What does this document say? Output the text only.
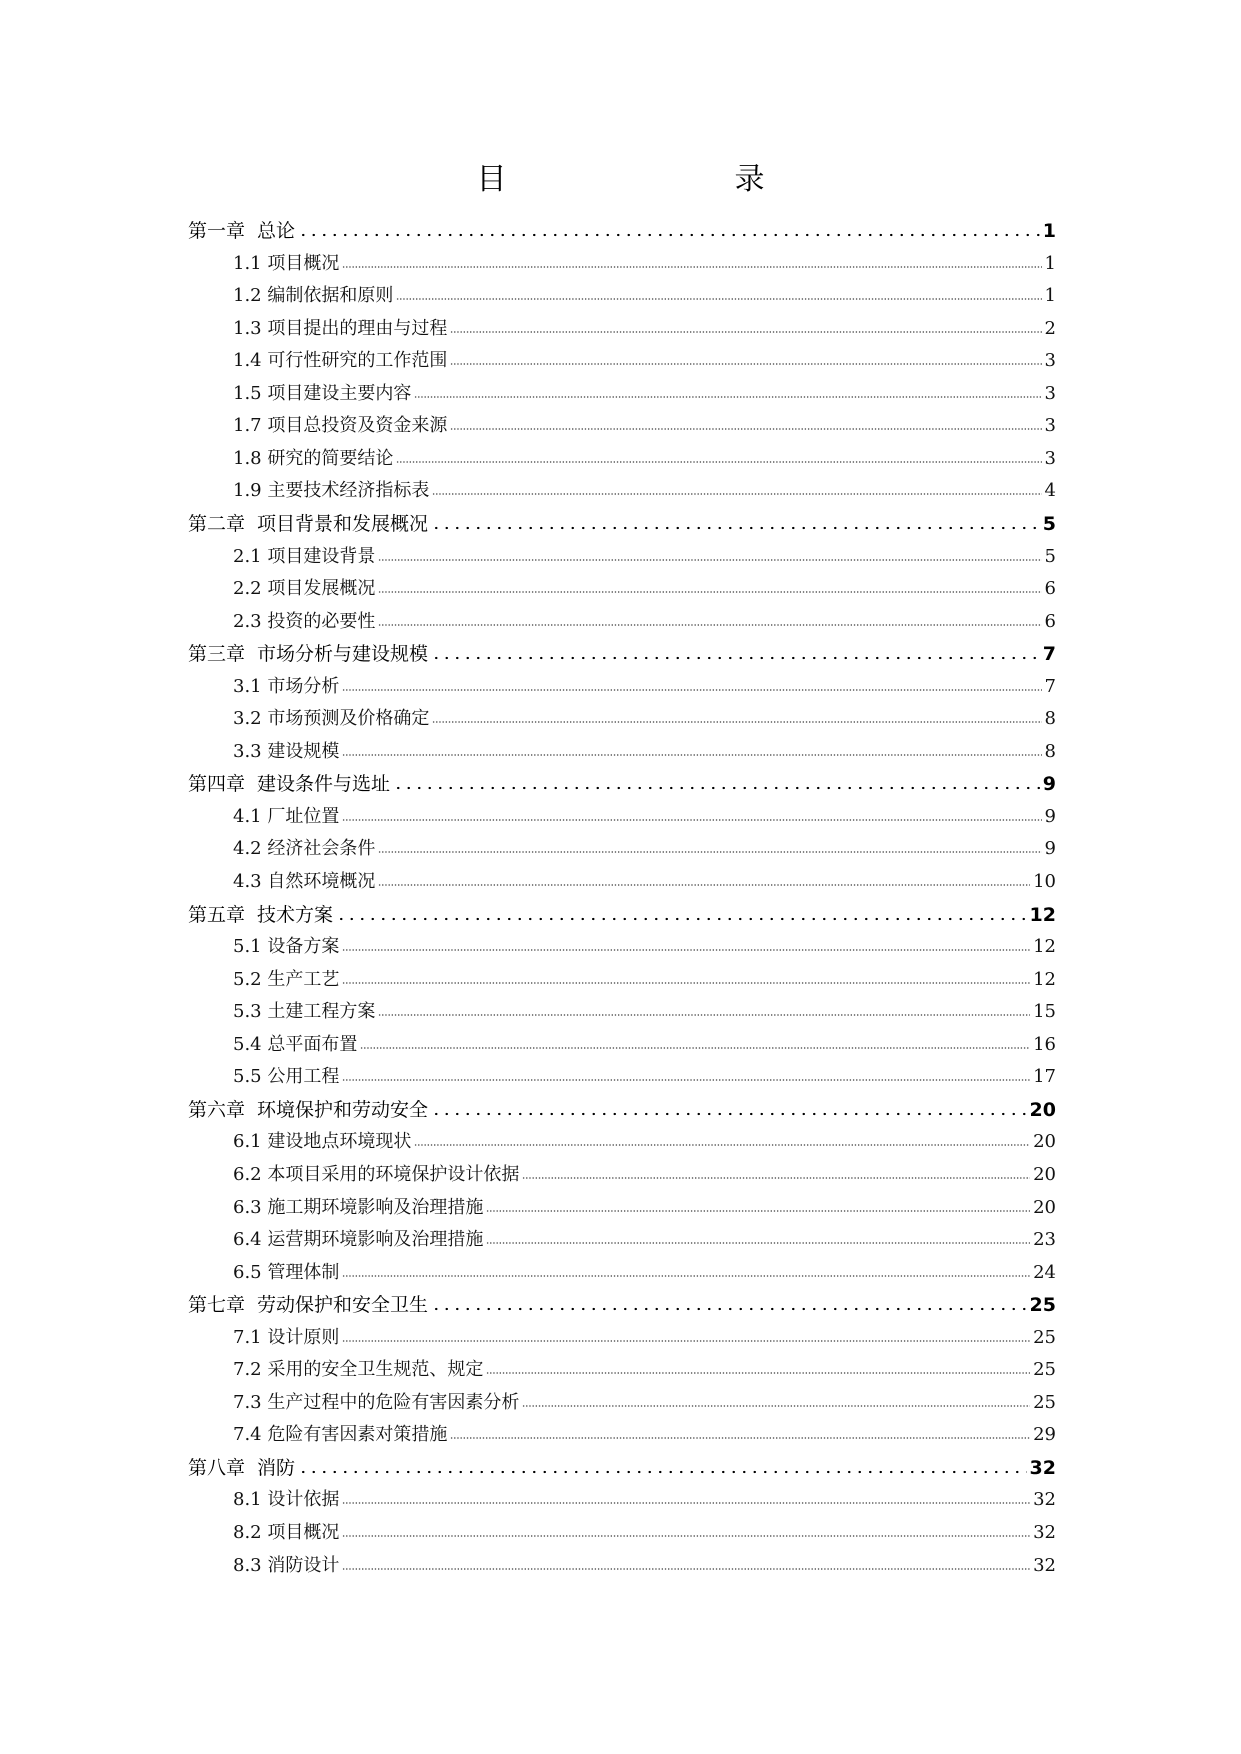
目　　录
第一章 总论	1
1.1 项目概况	1
1.2 编制依据和原则	1
1.3 项目提出的理由与过程	2
1.4 可行性研究的工作范围	3
1.5 项目建设主要内容	3
1.7 项目总投资及资金来源	3
1.8 研究的简要结论	3
1.9 主要技术经济指标表	4
第二章 项目背景和发展概况	5
2.1 项目建设背景	5
2.2 项目发展概况	6
2.3 投资的必要性	6
第三章 市场分析与建设规模	7
3.1 市场分析	7
3.2 市场预测及价格确定	8
3.3 建设规模	8
第四章 建设条件与选址	9
4.1 厂址位置	9
4.2 经济社会条件	9
4.3 自然环境概况	10
第五章 技术方案	12
5.1 设备方案	12
5.2 生产工艺	12
5.3 土建工程方案	15
5.4 总平面布置	16
5.5 公用工程	17
第六章 环境保护和劳动安全	20
6.1 建设地点环境现状	20
6.2 本项目采用的环境保护设计依据	20
6.3 施工期环境影响及治理措施	20
6.4 运营期环境影响及治理措施	23
6.5 管理体制	24
第七章 劳动保护和安全卫生	25
7.1 设计原则	25
7.2 采用的安全卫生规范、规定	25
7.3 生产过程中的危险有害因素分析	25
7.4 危险有害因素对策措施	29
第八章 消防	32
8.1 设计依据	32
8.2 项目概况	32
8.3 消防设计	32
